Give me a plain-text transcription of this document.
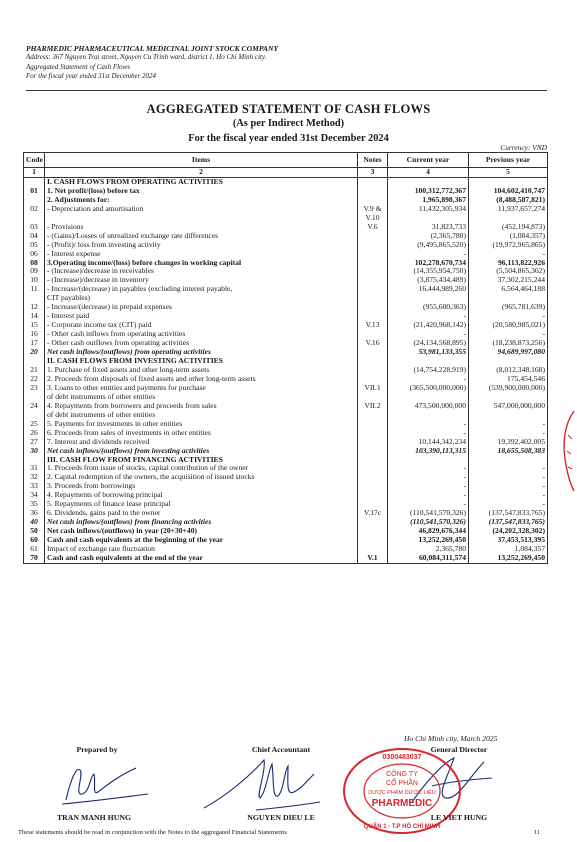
PHARMEDIC PHARMACEUTICAL MEDICINAL JOINT STOCK COMPANY
Address: 367 Nguyen Trai street, Nguyen Cu Trinh ward, district 1, Ho Chi Minh city.
Aggregated Statement of Cash Flows
For the fiscal year ended 31st December 2024
AGGREGATED STATEMENT OF CASH FLOWS
(As per Indirect Method)
For the fiscal year ended 31st December 2024
Currency: VND
Code	Items	Notes	Current year	Previous year
1	2	3	4	5
	I. CASH FLOWS FROM OPERATING ACTIVITIES			
01	1. Net profit/(loss) before tax		100,312,772,367	104,602,410,747
	2. Adjustments for:		1,965,898,367	(8,488,587,821)
02	- Depreciation and amortisation	V.9 &	11,432,305,934	11,937,657,274
		V.10		
03	- Provisions	V.6	31,823,733	(452,194,873)
04	- (Gains)/Losses of unrealized exchange rate differences		(2,365,780)	(1,084,357)
05	- (Profit)/ loss from investing activity		(9,495,865,520)	(19,972,965,865)
06	- Interest expense		-	-
08	3.Operating income/(loss) before changes in working capital		102,278,670,734	96,113,822,926
09	- (Increase)/decrease in receivables		(14,355,954,750)	(5,504,865,362)
10	- (Increase)/decrease in inventory		(3,875,434,489)	37,302,215,244
11	- Increase/(decrease) in payables (excluding interest payable,		16,444,989,260	6,564,464,188
	CIT payables)			
12	- Increase/(decrease) in prepaid expenses		(955,600,363)	(965,781,639)
14	- Interest paid		-	-
15	- Corporate income tax (CIT) paid	V.13	(21,420,968,142)	(20,580,985,021)
16	- Other cash inflows from operating activities		-	-
17	- Other cash outflows from operating activities	V.16	(24,134,568,895)	(18,238,873,256)
20	Net cash inflows/(outflows) from operating activities		53,981,133,355	94,689,997,080
	II. CASH FLOWS FROM INVESTING ACTIVITIES			
21	1. Purchase of fixed assets and other long-term assets		(14,754,228,919)	(8,012,348,168)
22	2. Proceeds from disposals of fixed assets and other long-term assets		-	175,454,546
23	3. Loans to other entities and payments for purchase	VII.1	(365,500,000,000)	(539,900,000,000)
	of debt instruments of other entities			

24	4. Repayments from borrowers and proceeds from sales	VII.2	473,500,000,000	547,000,000,000
	of debt instruments of other entities			

25	5. Payments for investments in other entities		-	-
26	6. Proceeds from sales of investments in other entities		-	-
27	7. Interest and dividends received		10,144,342,234	19,392,402,005
30	Net cash inflows/(outflows) from investing activities		103,390,113,315	18,655,508,383
	III. CASH FLOW FROM FINANCING ACTIVITIES			
31	1. Proceeds from issue of stocks, capital contribution of the owner		-	-
32	2. Capital redemption of the owners, the acquisition of issued stocks		-	-
33	3. Proceeds from borrowings		-	-
34	4. Repayments of borrowing principal		-	-
35	5. Repayments of finance lease principal		-	-
36	6. Dividends, gains paid to the owner	V.17c	(110,541,570,326)	(137,547,833,765)
40	Net cash inflows/(outflows) from financing activities		(110,541,570,326)	(137,547,833,765)
50	Net cash inflows/(outflows) in year (20+30+40)		46,829,676,344	(24,202,328,302)
60	Cash and cash equivalents at the beginning of the year		13,252,269,450	37,453,513,395
61	Impact of exchange rate fluctuation		2,365,780	1,084,357
70	Cash and cash equivalents at the end of the year	V.1	60,084,311,574	13,252,269,450
Ho Chi Minh city, March 2025
Prepared by	Chief Accountant	General Director
0300483037
CÔNG TY
CỔ PHẦN
DƯỢC PHẨM DƯỢC LIỆU
PHARMEDIC
QUẬN 1 - T.P HỒ CHÍ MINH
TRAN MANH HUNG	NGUYEN DIEU LE	LE VIET HUNG
These statements should be read in conjunction with the Notes to the aggregated Financial Statements	11
